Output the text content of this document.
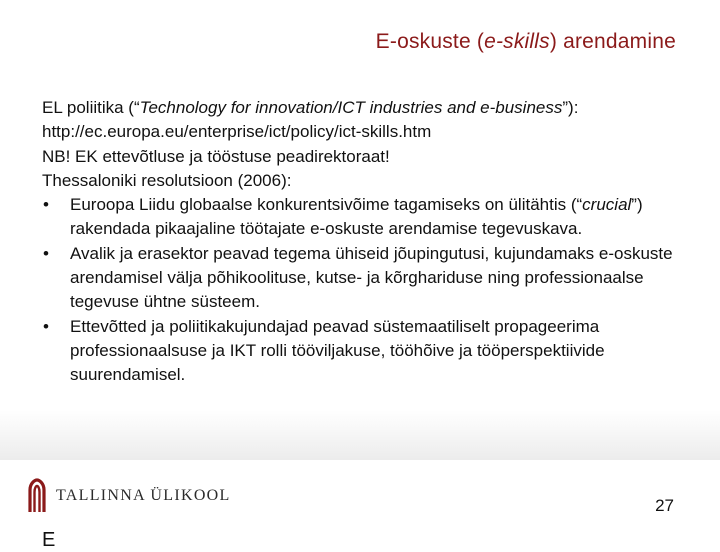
E-oskuste (e-skills) arendamine

EL poliitika (“Technology for innovation/ICT industries and e-business”):

http://ec.europa.eu/enterprise/ict/policy/ict-skills.htm

NB! EK ettevõtluse ja tööstuse peadirektoraat!

Thessaloniki resolutsioon (2006):

• Euroopa Liidu globaalse konkurentsivõime tagamiseks on ülitähtis (“crucial”) rakendada pikaajaline töötajate e-oskuste arendamise tegevuskava.
• Avalik ja erasektor peavad tegema ühiseid jõupingutusi, kujundamaks e-oskuste arendamisel välja põhikoolituse, kutse- ja kõrghariduse ning professionaalse tegevuse ühtne süsteem.
• Ettevõtted ja poliitikakujundajad peavad süstemaatiliselt propageerima professionaalsuse ja IKT rolli tööviljakuse, tööhõive ja tööperspektiivide suurendamisel.
TALLINNA ÜLIKOOL
27
E
